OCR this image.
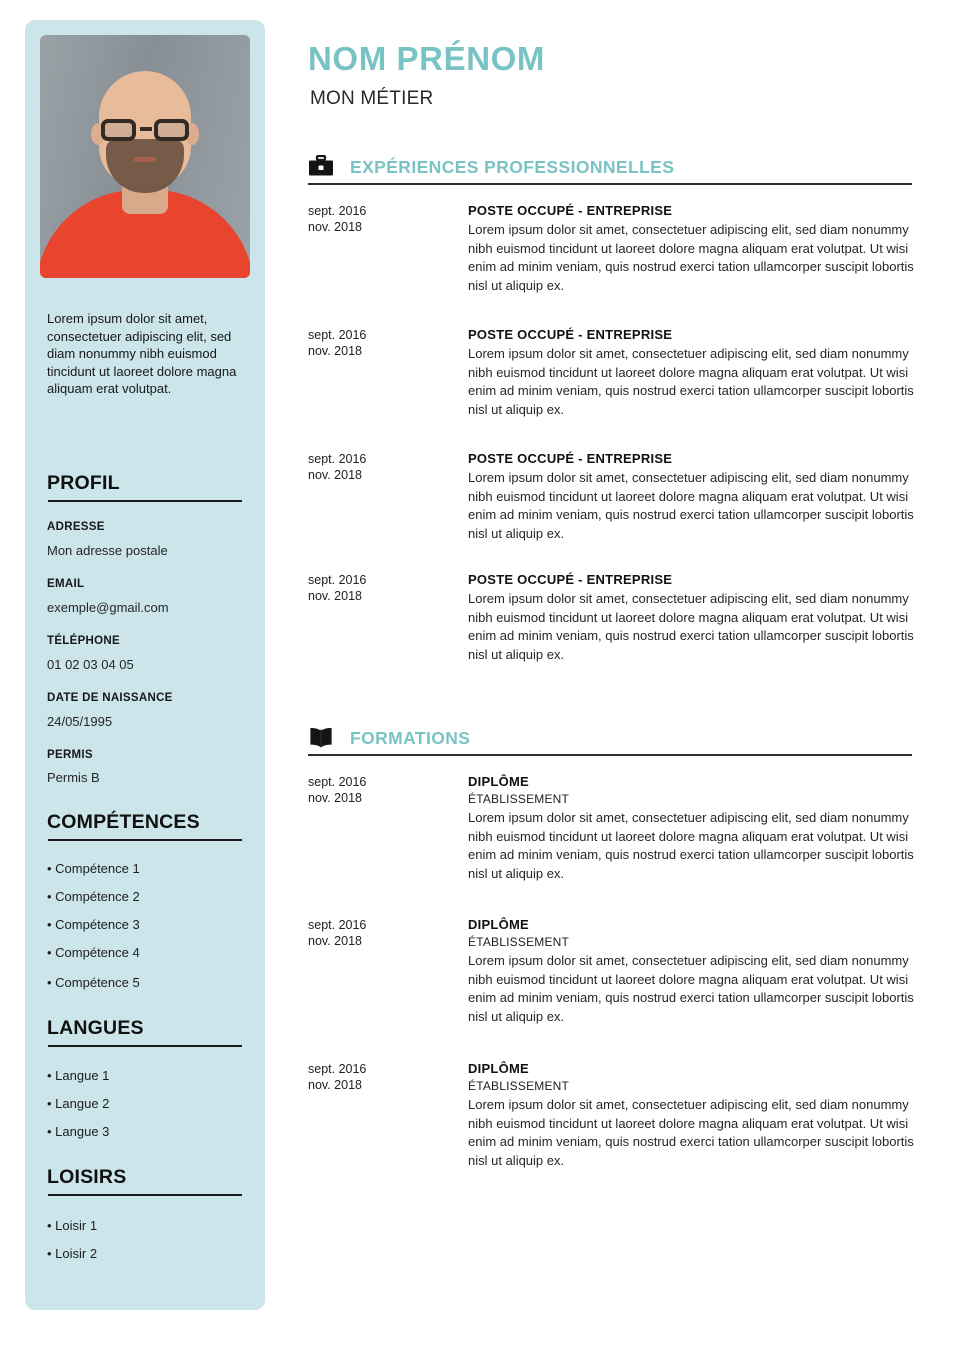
Lorem ipsum dolor sit amet, consectetuer adipiscing elit, sed diam nonummy nibh euismod tincidunt ut laoreet dolore magna aliquam erat volutpat.
PROFIL
ADRESSE
Mon adresse postale
EMAIL
exemple@gmail.com
TÉLÉPHONE
01 02 03 04 05
DATE DE NAISSANCE
24/05/1995
PERMIS
Permis B
COMPÉTENCES
• Compétence 1
• Compétence 2
• Compétence 3
• Compétence 4
• Compétence 5
LANGUES
• Langue 1
• Langue 2
• Langue 3
LOISIRS
• Loisir 1
• Loisir 2
NOM PRÉNOM
MON MÉTIER
EXPÉRIENCES PROFESSIONNELLES
sept. 2016
nov. 2018
POSTE OCCUPÉ - ENTREPRISE
Lorem ipsum dolor sit amet, consectetuer adipiscing elit, sed diam nonummy nibh euismod tincidunt ut laoreet dolore magna aliquam erat volutpat. Ut wisi enim ad minim veniam, quis nostrud exerci tation ullamcorper suscipit lobortis nisl ut aliquip ex.
sept. 2016
nov. 2018
POSTE OCCUPÉ - ENTREPRISE
Lorem ipsum dolor sit amet, consectetuer adipiscing elit, sed diam nonummy nibh euismod tincidunt ut laoreet dolore magna aliquam erat volutpat. Ut wisi enim ad minim veniam, quis nostrud exerci tation ullamcorper suscipit lobortis nisl ut aliquip ex.
sept. 2016
nov. 2018
POSTE OCCUPÉ - ENTREPRISE
Lorem ipsum dolor sit amet, consectetuer adipiscing elit, sed diam nonummy nibh euismod tincidunt ut laoreet dolore magna aliquam erat volutpat. Ut wisi enim ad minim veniam, quis nostrud exerci tation ullamcorper suscipit lobortis nisl ut aliquip ex.
sept. 2016
nov. 2018
POSTE OCCUPÉ - ENTREPRISE
Lorem ipsum dolor sit amet, consectetuer adipiscing elit, sed diam nonummy nibh euismod tincidunt ut laoreet dolore magna aliquam erat volutpat. Ut wisi enim ad minim veniam, quis nostrud exerci tation ullamcorper suscipit lobortis nisl ut aliquip ex.
FORMATIONS
sept. 2016
nov. 2018
DIPLÔME
ÉTABLISSEMENT
Lorem ipsum dolor sit amet, consectetuer adipiscing elit, sed diam nonummy nibh euismod tincidunt ut laoreet dolore magna aliquam erat volutpat. Ut wisi enim ad minim veniam, quis nostrud exerci tation ullamcorper suscipit lobortis nisl ut aliquip ex.
sept. 2016
nov. 2018
DIPLÔME
ÉTABLISSEMENT
Lorem ipsum dolor sit amet, consectetuer adipiscing elit, sed diam nonummy nibh euismod tincidunt ut laoreet dolore magna aliquam erat volutpat. Ut wisi enim ad minim veniam, quis nostrud exerci tation ullamcorper suscipit lobortis nisl ut aliquip ex.
sept. 2016
nov. 2018
DIPLÔME
ÉTABLISSEMENT
Lorem ipsum dolor sit amet, consectetuer adipiscing elit, sed diam nonummy nibh euismod tincidunt ut laoreet dolore magna aliquam erat volutpat. Ut wisi enim ad minim veniam, quis nostrud exerci tation ullamcorper suscipit lobortis nisl ut aliquip ex.
